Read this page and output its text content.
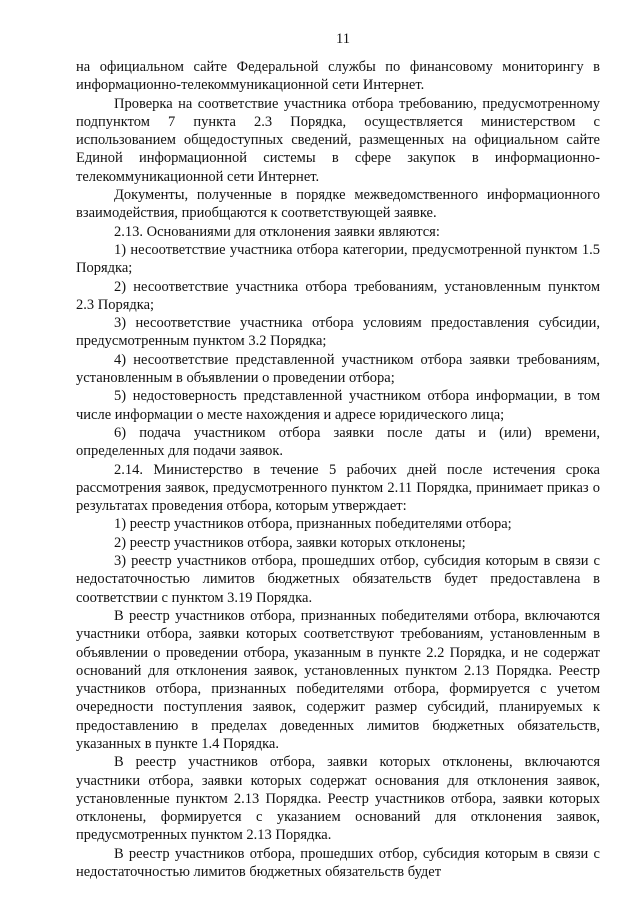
11

на официальном сайте Федеральной службы по финансовому мониторингу в информационно-телекоммуникационной сети Интернет.

Проверка на соответствие участника отбора требованию, предусмотренному подпунктом 7 пункта 2.3 Порядка, осуществляется министерством с использованием общедоступных сведений, размещенных на официальном сайте Единой информационной системы в сфере закупок в информационно-телекоммуникационной сети Интернет.

Документы, полученные в порядке межведомственного информационного взаимодействия, приобщаются к соответствующей заявке.

2.13. Основаниями для отклонения заявки являются:

1) несоответствие участника отбора категории, предусмотренной пунктом 1.5 Порядка;

2) несоответствие участника отбора требованиям, установленным пунктом 2.3 Порядка;

3) несоответствие участника отбора условиям предоставления субсидии, предусмотренным пунктом 3.2 Порядка;

4) несоответствие представленной участником отбора заявки требованиям, установленным в объявлении о проведении отбора;

5) недостоверность представленной участником отбора информации, в том числе информации о месте нахождения и адресе юридического лица;

6) подача участником отбора заявки после даты и (или) времени, определенных для подачи заявок.

2.14. Министерство в течение 5 рабочих дней после истечения срока рассмотрения заявок, предусмотренного пунктом 2.11 Порядка, принимает приказ о результатах проведения отбора, которым утверждает:

1) реестр участников отбора, признанных победителями отбора;

2) реестр участников отбора, заявки которых отклонены;

3) реестр участников отбора, прошедших отбор, субсидия которым в связи с недостаточностью лимитов бюджетных обязательств будет предоставлена в соответствии с пунктом 3.19 Порядка.

В реестр участников отбора, признанных победителями отбора, включаются участники отбора, заявки которых соответствуют требованиям, установленным в объявлении о проведении отбора, указанным в пункте 2.2 Порядка, и не содержат оснований для отклонения заявок, установленных пунктом 2.13 Порядка. Реестр участников отбора, признанных победителями отбора, формируется с учетом очередности поступления заявок, содержит размер субсидий, планируемых к предоставлению в пределах доведенных лимитов бюджетных обязательств, указанных в пункте 1.4 Порядка.

В реестр участников отбора, заявки которых отклонены, включаются участники отбора, заявки которых содержат основания для отклонения заявок, установленные пунктом 2.13 Порядка. Реестр участников отбора, заявки которых отклонены, формируется с указанием оснований для отклонения заявок, предусмотренных пунктом 2.13 Порядка.

В реестр участников отбора, прошедших отбор, субсидия которым в связи с недостаточностью лимитов бюджетных обязательств будет
